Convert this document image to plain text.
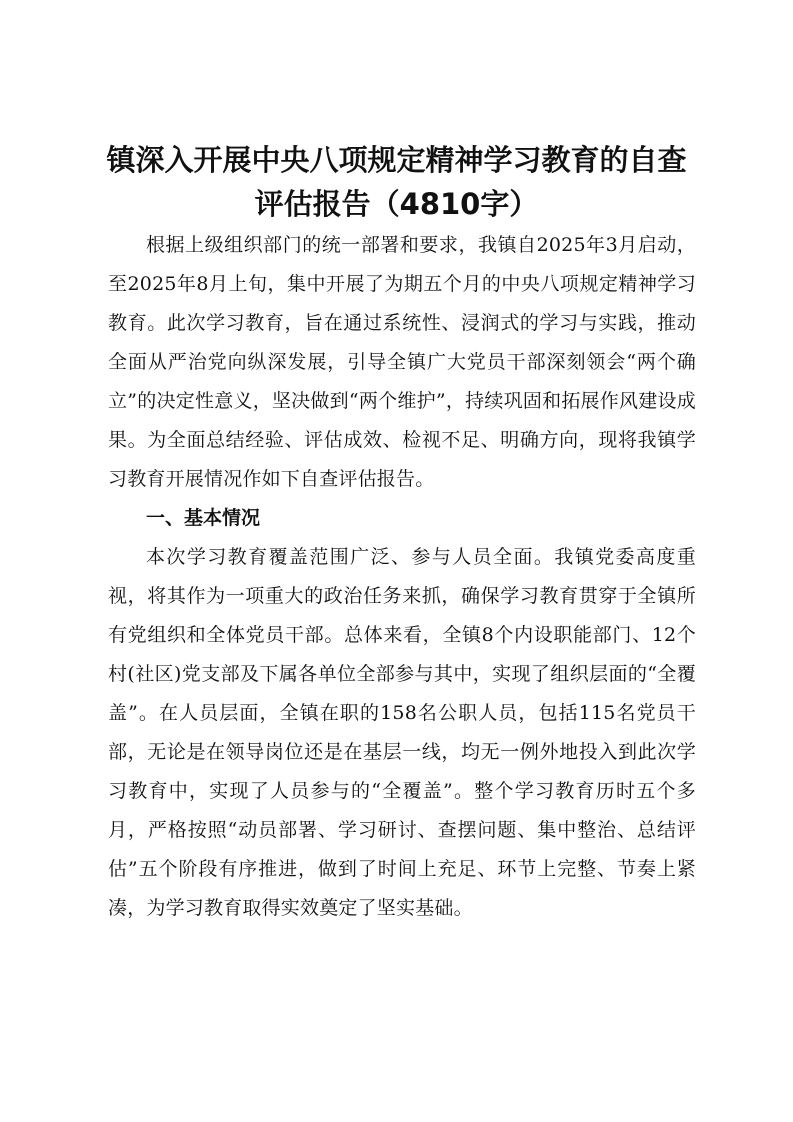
镇深入开展中央八项规定精神学习教育的自查
评估报告（4810字）

根据上级组织部门的统一部署和要求，我镇自2025年3月启动，至2025年8月上旬，集中开展了为期五个月的中央八项规定精神学习教育。此次学习教育，旨在通过系统性、浸润式的学习与实践，推动全面从严治党向纵深发展，引导全镇广大党员干部深刻领会“两个确立”的决定性意义，坚决做到“两个维护”，持续巩固和拓展作风建设成果。为全面总结经验、评估成效、检视不足、明确方向，现将我镇学习教育开展情况作如下自查评估报告。

一、基本情况

本次学习教育覆盖范围广泛、参与人员全面。我镇党委高度重视，将其作为一项重大的政治任务来抓，确保学习教育贯穿于全镇所有党组织和全体党员干部。总体来看，全镇8个内设职能部门、12个村(社区)党支部及下属各单位全部参与其中，实现了组织层面的“全覆盖”。在人员层面，全镇在职的158名公职人员，包括115名党员干部，无论是在领导岗位还是在基层一线，均无一例外地投入到此次学习教育中，实现了人员参与的“全覆盖”。整个学习教育历时五个多月，严格按照“动员部署、学习研讨、查摆问题、集中整治、总结评估”五个阶段有序推进，做到了时间上充足、环节上完整、节奏上紧凑，为学习教育取得实效奠定了坚实基础。
